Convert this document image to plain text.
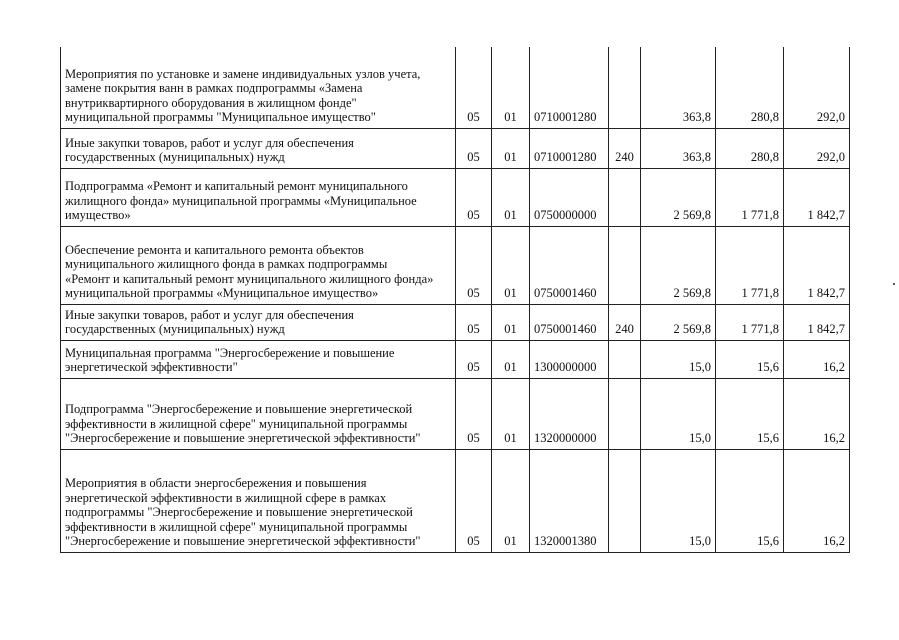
Мероприятия по установке и замене индивидуальных узлов учета,
замене покрытия ванн в рамках подпрограммы «Замена
внутриквартирного оборудования в жилищном фонде"
муниципальной программы "Муниципальное имущество"	05	01	0710001280		363,8	280,8	292,0
Иные закупки товаров, работ и услуг для обеспечения
государственных (муниципальных) нужд	05	01	0710001280	240	363,8	280,8	292,0
Подпрограмма «Ремонт и капитальный ремонт муниципального
жилищного фонда» муниципальной программы «Муниципальное
имущество»	05	01	0750000000		2 569,8	1 771,8	1 842,7
Обеспечение ремонта и капитального ремонта объектов
муниципального жилищного фонда в рамках подпрограммы
«Ремонт и капитальный ремонт муниципального жилищного фонда»
муниципальной программы «Муниципальное имущество»	05	01	0750001460		2 569,8	1 771,8	1 842,7
Иные закупки товаров, работ и услуг для обеспечения
государственных (муниципальных) нужд	05	01	0750001460	240	2 569,8	1 771,8	1 842,7
Муниципальная программа "Энергосбережение и повышение
энергетической эффективности"	05	01	1300000000		15,0	15,6	16,2
Подпрограмма "Энергосбережение и повышение энергетической
эффективности в жилищной сфере" муниципальной программы
"Энергосбережение и повышение энергетической эффективности"	05	01	1320000000		15,0	15,6	16,2
Мероприятия в области энергосбережения и повышения
энергетической эффективности в жилищной сфере в рамках
подпрограммы "Энергосбережение и повышение энергетической
эффективности в жилищной сфере" муниципальной программы
"Энергосбережение и повышение энергетической эффективности"	05	01	1320001380		15,0	15,6	16,2
